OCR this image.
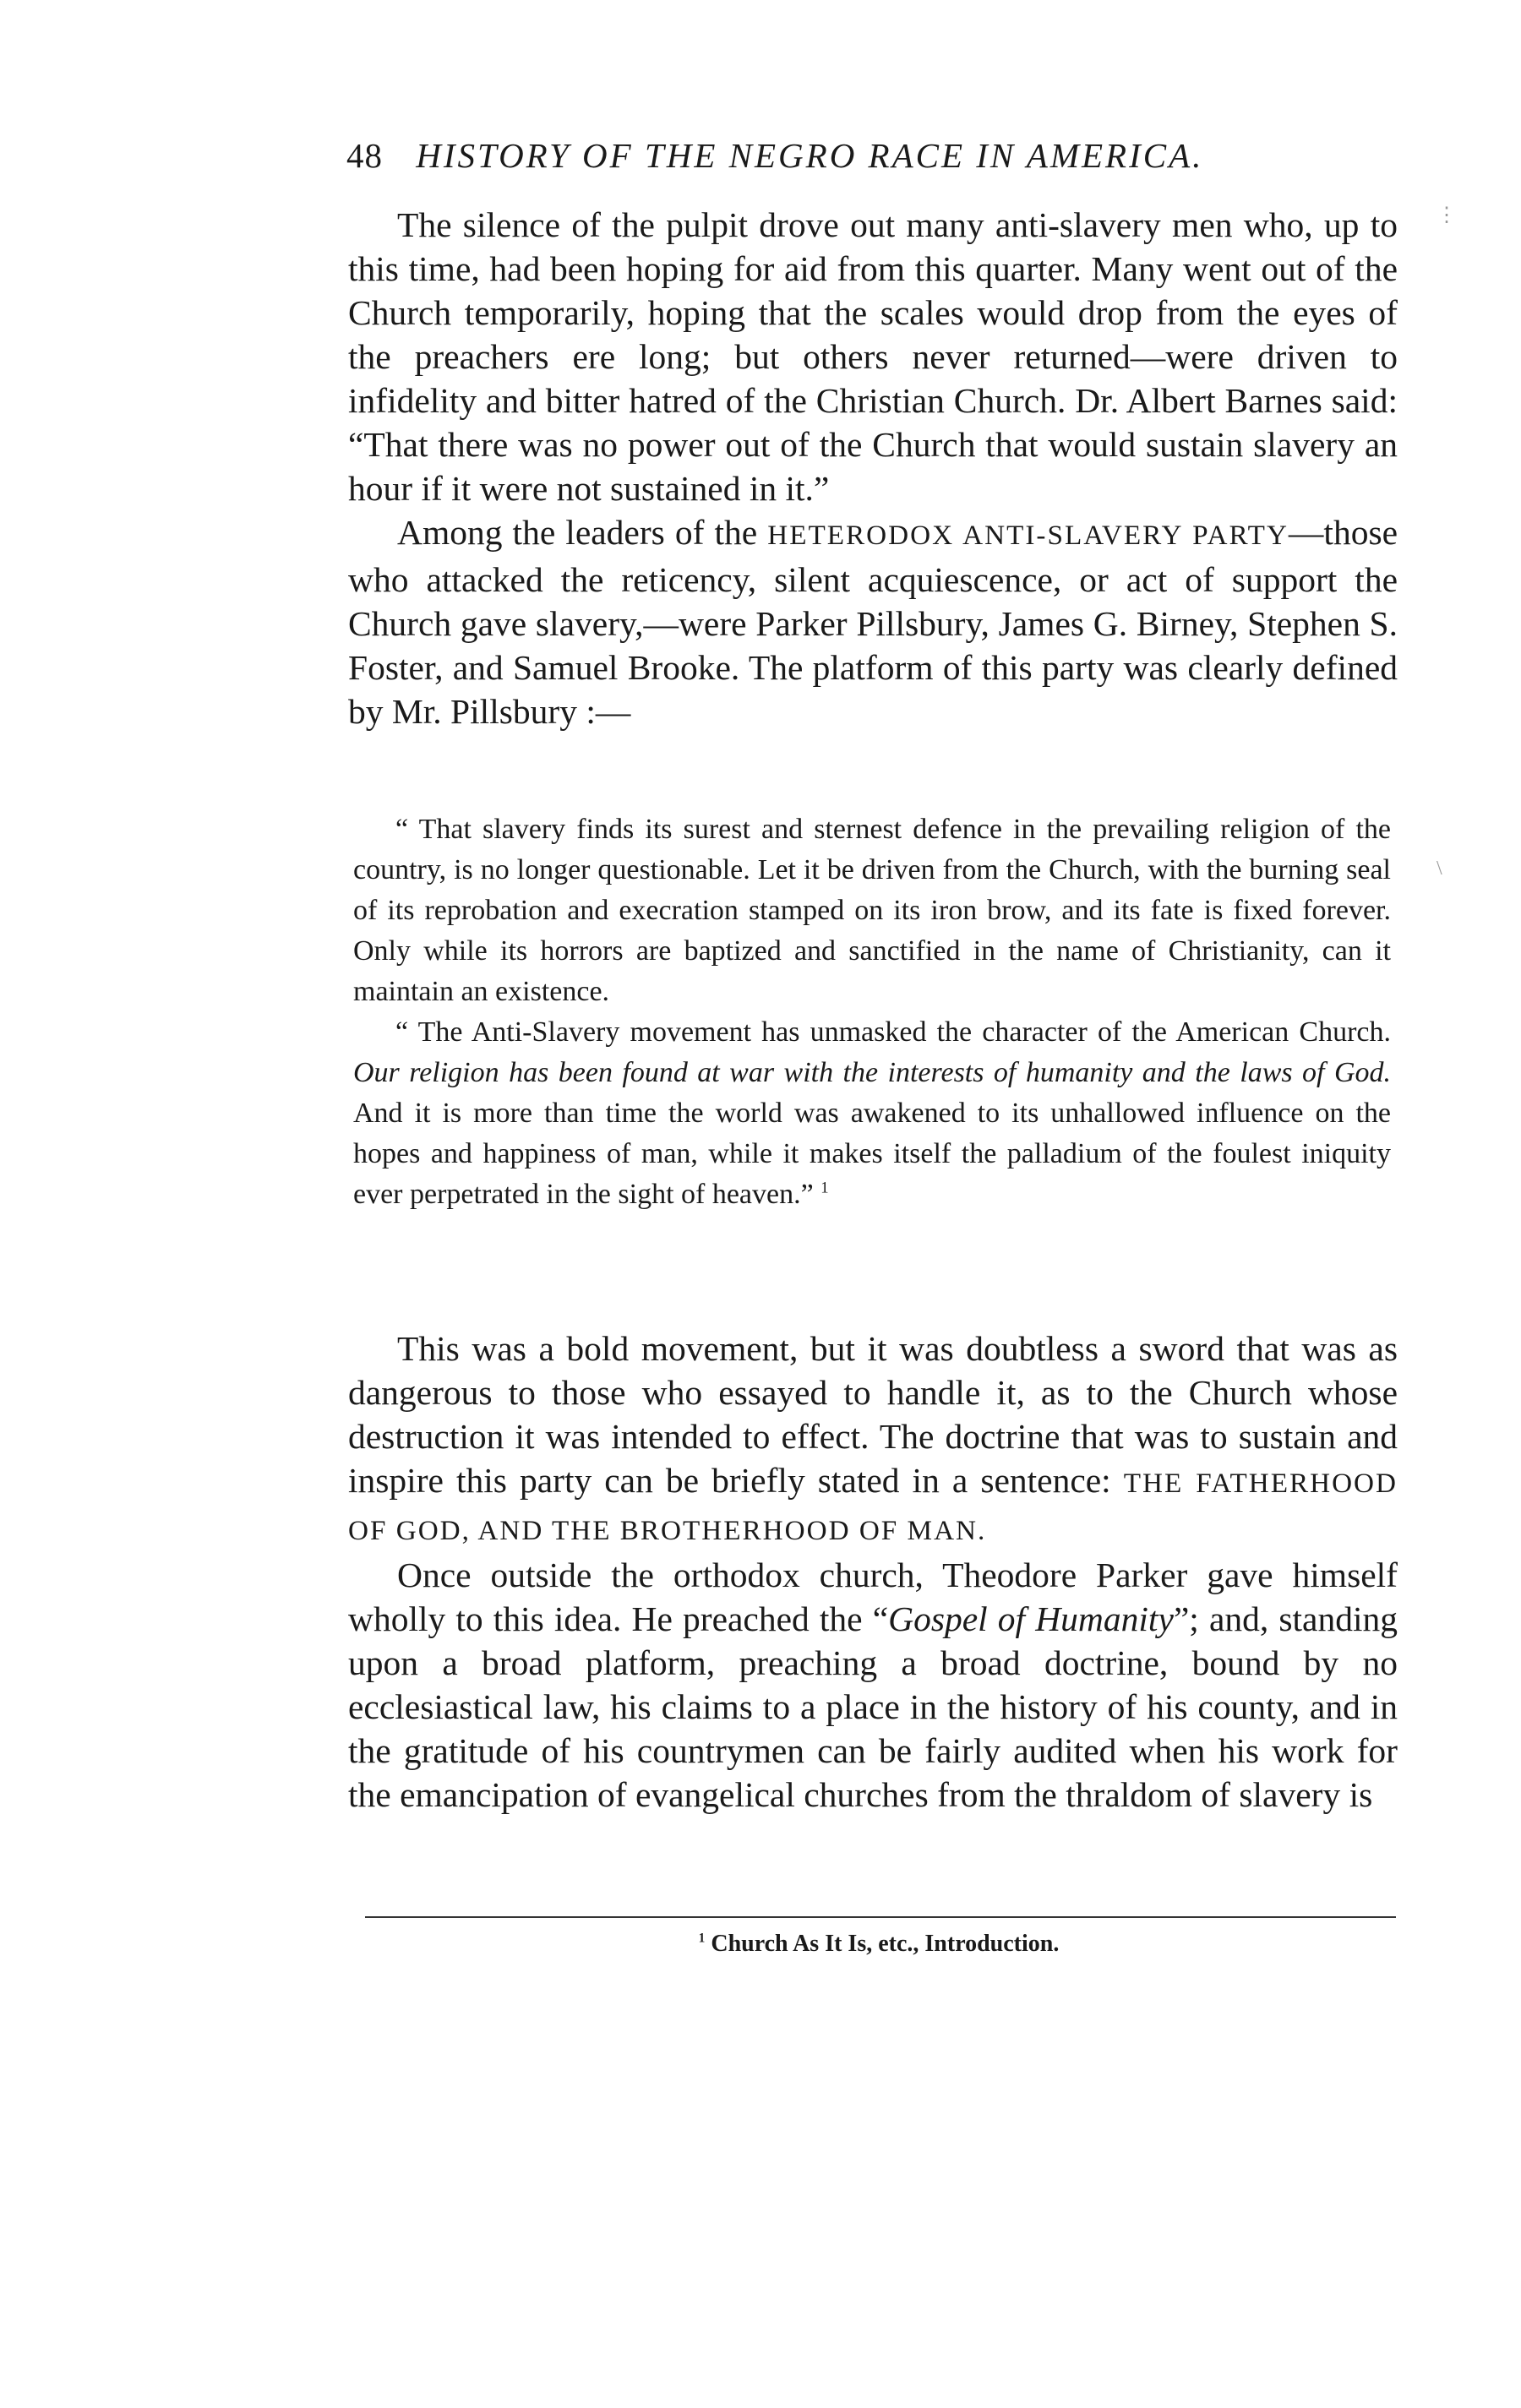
48 HISTORY OF THE NEGRO RACE IN AMERICA.

The silence of the pulpit drove out many anti-slavery men who, up to this time, had been hoping for aid from this quarter. Many went out of the Church temporarily, hoping that the scales would drop from the eyes of the preachers ere long; but others never returned—were driven to infidelity and bitter hatred of the Christian Church. Dr. Albert Barnes said: “That there was no power out of the Church that would sustain slavery an hour if it were not sustained in it.”

Among the leaders of the HETERODOX ANTI-SLAVERY PARTY—those who attacked the reticency, silent acquiescence, or act of support the Church gave slavery,—were Parker Pillsbury, James G. Birney, Stephen S. Foster, and Samuel Brooke. The platform of this party was clearly defined by Mr. Pillsbury :—

“ That slavery finds its surest and sternest defence in the prevailing religion of the country, is no longer questionable. Let it be driven from the Church, with the burning seal of its reprobation and execration stamped on its iron brow, and its fate is fixed forever. Only while its horrors are baptized and sanctified in the name of Christianity, can it maintain an existence.

“ The Anti-Slavery movement has unmasked the character of the American Church. Our religion has been found at war with the interests of humanity and the laws of God. And it is more than time the world was awakened to its unhallowed influence on the hopes and happiness of man, while it makes itself the palladium of the foulest iniquity ever perpetrated in the sight of heaven.” $^1$

This was a bold movement, but it was doubtless a sword that was as dangerous to those who essayed to handle it, as to the Church whose destruction it was intended to effect. The doctrine that was to sustain and inspire this party can be briefly stated in a sentence: THE FATHERHOOD OF GOD, AND THE BROTHERHOOD OF MAN.

Once outside the orthodox church, Theodore Parker gave himself wholly to this idea. He preached the “Gospel of Humanity”; and, standing upon a broad platform, preaching a broad doctrine, bound by no ecclesiastical law, his claims to a place in the history of his county, and in the gratitude of his countrymen can be fairly audited when his work for the emancipation of evangelical churches from the thraldom of slavery is

$^1$ Church As It Is, etc., Introduction.
⋮
\
